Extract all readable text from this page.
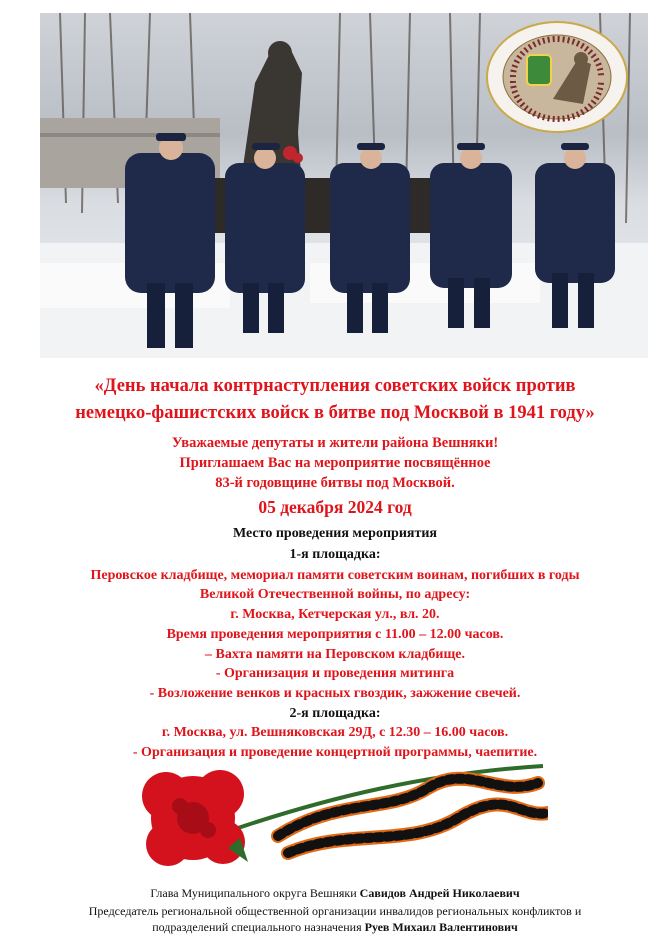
«День начала контрнаступления советских войск против

немецко-фашистских войск в битве под Москвой в 1941 году»

Уважаемые депутаты и жители района Вешняки!

Приглашаем Вас на мероприятие посвящённое

83-й годовщине битвы под Москвой.

05 декабря 2024 год

Место проведения мероприятия

1-я площадка:

Перовское кладбище, мемориал памяти советским воинам, погибших в годы

Великой Отечественной войны, по адресу:

г. Москва, Кетчерская ул., вл. 20.

Время проведения мероприятия с 11.00 – 12.00 часов.

– Вахта памяти на Перовском кладбище.

- Организация и проведения митинга

- Возложение венков и красных гвоздик, зажжение свечей.

2-я площадка:

г. Москва, ул. Вешняковская 29Д, с 12.30 – 16.00 часов.

- Организация и проведение концертной программы, чаепитие.

Глава Муниципального округа Вешняки Савидов Андрей Николаевич

Председатель региональной общественной организации инвалидов региональных конфликтов и

подразделений специального назначения Руев Михаил Валентинович
